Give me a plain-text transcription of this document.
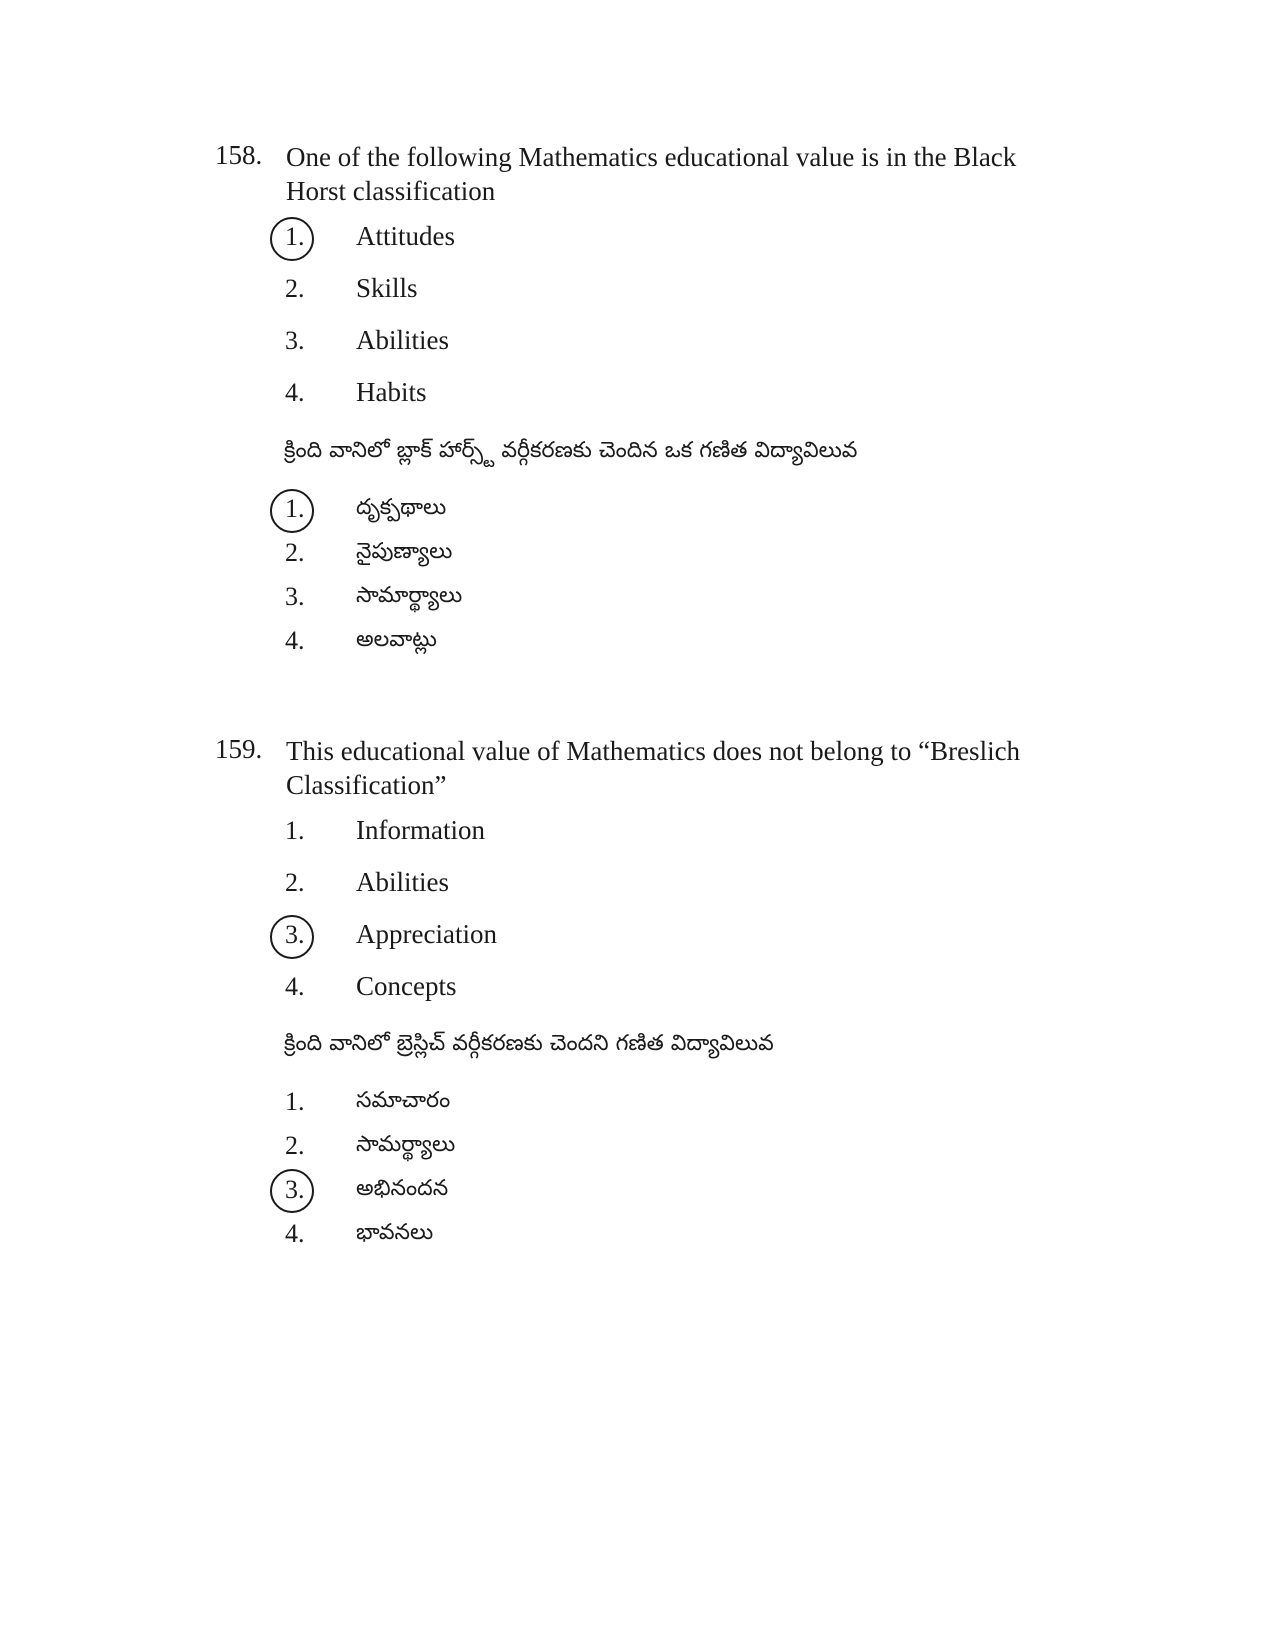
158. One of the following Mathematics educational value is in the Black
Horst classification
1. Attitudes
2. Skills
3. Abilities
4. Habits
క్రింది వానిలో బ్లాక్ హార్స్ట్ వర్గీకరణకు చెందిన ఒక గణిత విద్యావిలువ
1. దృక్పథాలు
2. నైపుణ్యాలు
3. సామార్థ్యాలు
4. అలవాట్లు
159. This educational value of Mathematics does not belong to “Breslich
Classification”
1. Information
2. Abilities
3. Appreciation
4. Concepts
క్రింది వానిలో బ్రెస్లిచ్ వర్గీకరణకు చెందని గణిత విద్యావిలువ
1. సమాచారం
2. సామర్థ్యాలు
3. అభినందన
4. భావనలు
